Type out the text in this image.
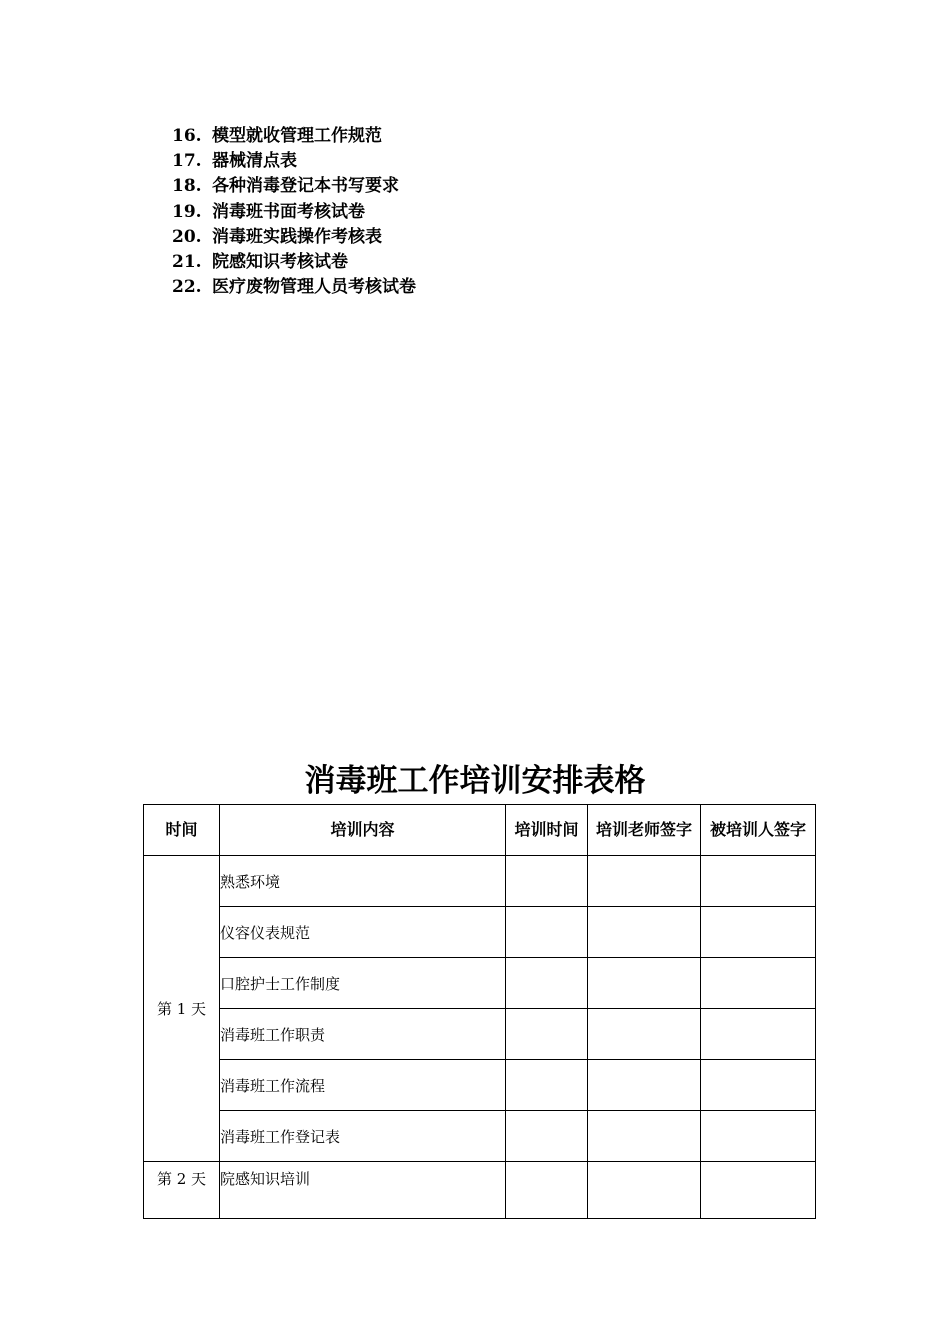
16. 模型就收管理工作规范
17. 器械清点表
18. 各种消毒登记本书写要求
19. 消毒班书面考核试卷
20. 消毒班实践操作考核表
21. 院感知识考核试卷
22. 医疗废物管理人员考核试卷
消毒班工作培训安排表格
时间	培训内容	培训时间	培训老师签字	被培训人签字
第 1 天	熟悉环境			
	仪容仪表规范			
	口腔护士工作制度			
	消毒班工作职责			
	消毒班工作流程			
	消毒班工作登记表			
第 2 天	院感知识培训			
